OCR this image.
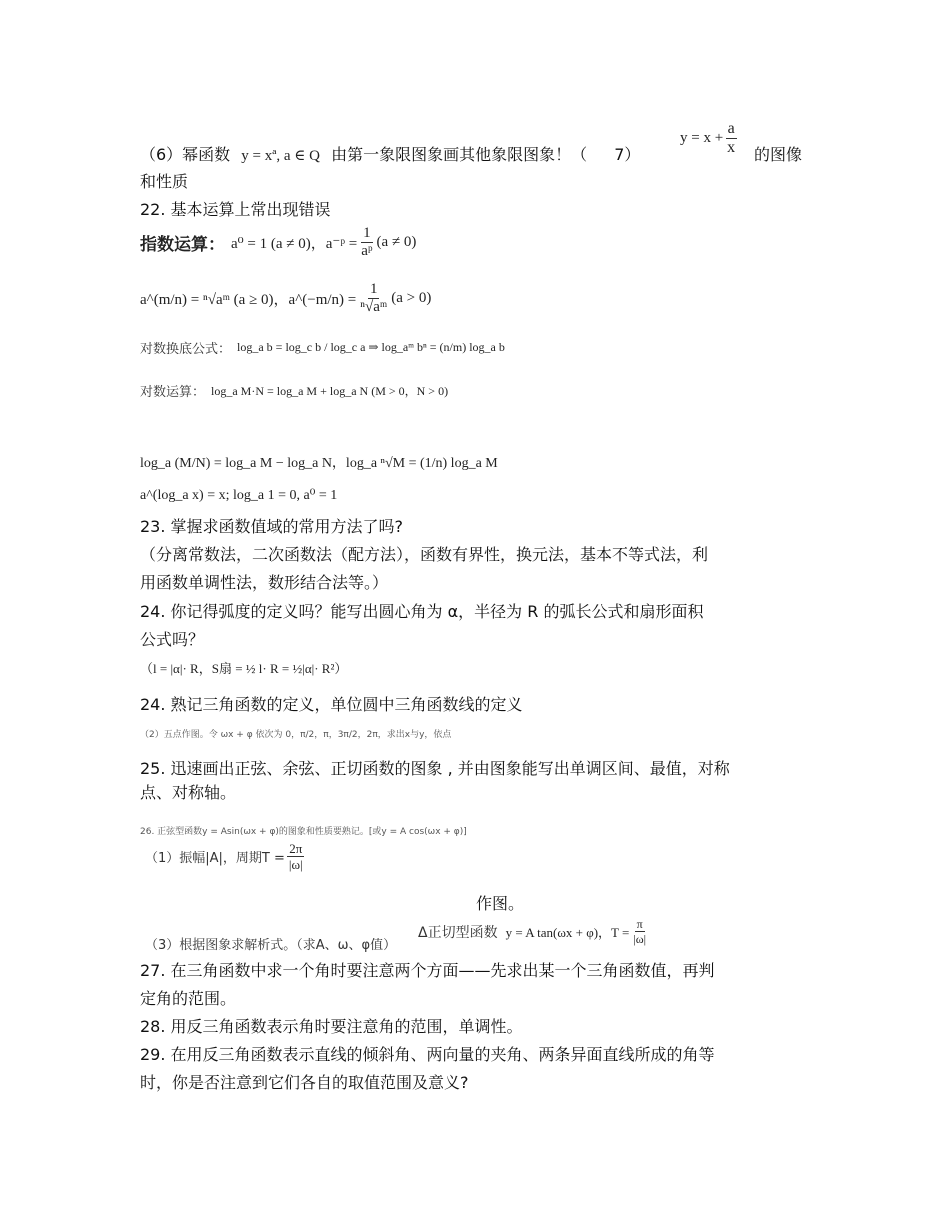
（6）幂函数 y = xª, a ∈ Q 由第一象限图象画其他象限图象！（ 7）
$y = x + \frac{a}{x}$ 的图像
和性质
22. 基本运算上常出现错误
指数运算： a⁰ = 1 (a ≠ 0)，a⁻ᵖ = $\frac{1}{\text{aᵖ}} (a \ne 0)$
a^(m/n) = ⁿ√aᵐ (a ≥ 0)，a^(−m/n) = $\frac{1}{\text{ⁿ√aᵐ}} (a > 0)$
对数换底公式： log_a b = log_c b / log_c a ⇒ log_aᵐ bⁿ = (n/m) log_a b
对数运算： log_a M·N = log_a M + log_a N (M > 0，N > 0)
log_a (M/N) = log_a M − log_a N，log_a ⁿ√M = (1/n) log_a M
a^(log_a x) = x; log_a 1 = 0, a⁰ = 1
23. 掌握求函数值域的常用方法了吗?
（分离常数法，二次函数法（配方法），函数有界性，换元法，基本不等式法，利
用函数单调性法，数形结合法等。）
24. 你记得弧度的定义吗？能写出圆心角为 α，半径为 R 的弧长公式和扇形面积
公式吗？
（l = |α|· R，S扇 = ½ l· R = ½|α|· R²）
24. 熟记三角函数的定义，单位圆中三角函数线的定义
（2）五点作图。令 ωx + φ 依次为 0，π/2，π，3π/2，2π，求出x与y，依点
25. 迅速画出正弦、余弦、正切函数的图象 , 并由图象能写出单调区间、最值，对称
点、对称轴。
26. 正弦型函数y = Asin(ωx + φ)的图象和性质要熟记。[或y = A cos(ωx + φ)]
（1）振幅|A|，周期$T = \frac{2\pi}{|\omega|}$
作图。
（3）根据图象求解析式。（求A、ω、φ值）
Δ正切型函数 y = A tan(ωx + φ)，$T = \frac{\pi}{|\omega|}$
27. 在三角函数中求一个角时要注意两个方面——先求出某一个三角函数值，再判
定角的范围。
28. 用反三角函数表示角时要注意角的范围，单调性。
29. 在用反三角函数表示直线的倾斜角、两向量的夹角、两条异面直线所成的角等
时，你是否注意到它们各自的取值范围及意义?
